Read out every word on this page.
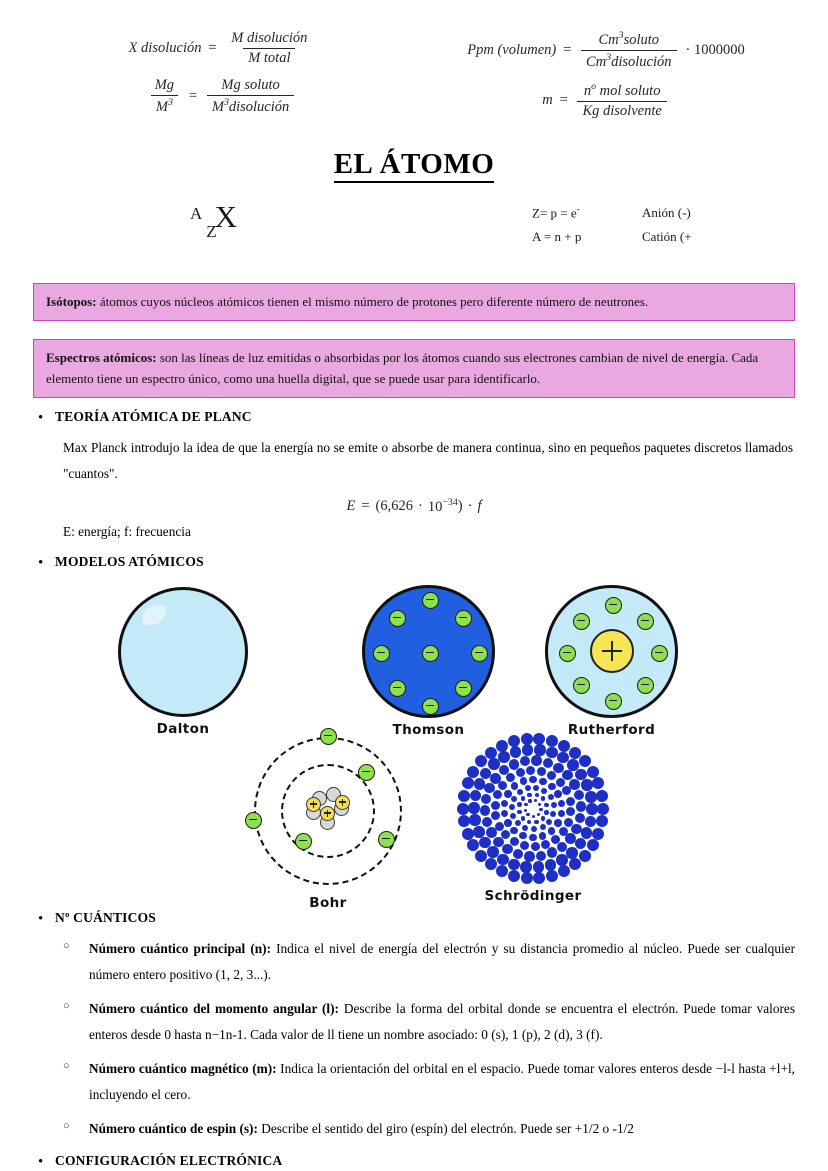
X disolución = $\frac{\text{M disolución}}{\text{M total}}$
$\frac{Mg}{M^3} = \frac{\text{Mg soluto}}{M^3disolución}$
Ppm (volumen) = $\frac{Cm^3soluto}{Cm^3disolución} \cdot 1000000$
$m = \frac{n^o mol soluto}{\text{Kg disolvente}}$
EL ÁTOMO
AZX	Z= p = e-	Anión (-)
A = n + p	Catión (+
Isótopos: átomos cuyos núcleos atómicos tienen el mismo número de protones pero diferente número de neutrones.
Espectros atómicos: son las líneas de luz emitidas o absorbidas por los átomos cuando sus electrones cambian de nivel de energía. Cada elemento tiene un espectro único, como una huella digital, que se puede usar para identificarlo.
• TEORÍA ATÓMICA DE PLANC
Max Planck introdujo la idea de que la energía no se emite o absorbe de manera continua, sino en pequeños paquetes discretos llamados "cuantos".
$E = (6,626 \cdot 10^{-34}$ ) · f
E: energía; f: frecuencia
• MODELOS ATÓMICOS
Dalton	Thomson	Rutherford
Bohr	Schrödinger
• Nº CUÁNTICOS
○	Número cuántico principal (n): Indica el nivel de energía del electrón y su distancia promedio al núcleo. Puede ser cualquier número entero positivo (1, 2, 3...).
○	Número cuántico del momento angular (l): Describe la forma del orbital donde se encuentra el electrón. Puede tomar valores enteros desde 0 hasta n−1n-1. Cada valor de ll tiene un nombre asociado: 0 (s), 1 (p), 2 (d), 3 (f).
○	Número cuántico magnético (m): Indica la orientación del orbital en el espacio. Puede tomar valores enteros desde −l-l hasta +l+l, incluyendo el cero.
○	Número cuántico de espin (s): Describe el sentido del giro (espín) del electrón. Puede ser +1/2 o -1/2
• CONFIGURACIÓN ELECTRÓNICA
